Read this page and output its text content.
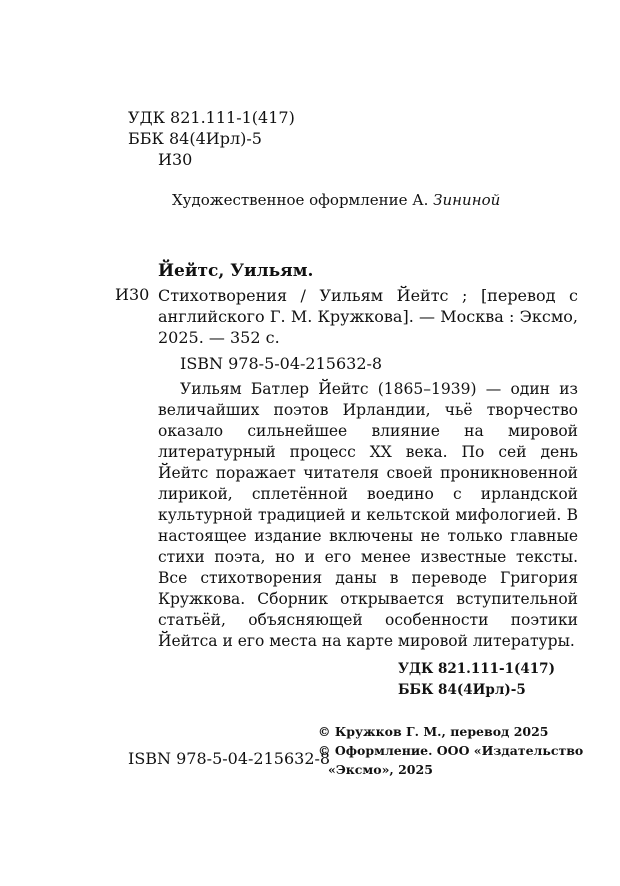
УДК 821.111-1(417)
ББК 84(4Ирл)-5
И30
Художественное оформление А. Зининой
Йейтс, Уильям.
И30 Стихотворения / Уильям Йейтс ; [перевод с английского Г. М. Кружкова]. — Москва : Эксмо, 2025. — 352 с.
ISBN 978-5-04-215632-8
Уильям Батлер Йейтс (1865–1939) — один из величайших поэтов Ирландии, чьё творчество оказало сильнейшее влияние на мировой литературный процесс XX века. По сей день Йейтс поражает читателя своей проникновенной лирикой, сплетённой воедино с ирландской культурной традицией и кельтской мифологией. В настоящее издание включены не только главные стихи поэта, но и его менее известные тексты. Все стихотворения даны в переводе Григория Кружкова. Сборник открывается вступительной статьёй, объясняющей особенности поэтики Йейтса и его места на карте мировой литературы.
УДК 821.111-1(417)
ББК 84(4Ирл)-5
© Кружков Г. М., перевод 2025
© Оформление. ООО «Издательство
«Эксмо», 2025
ISBN 978-5-04-215632-8
